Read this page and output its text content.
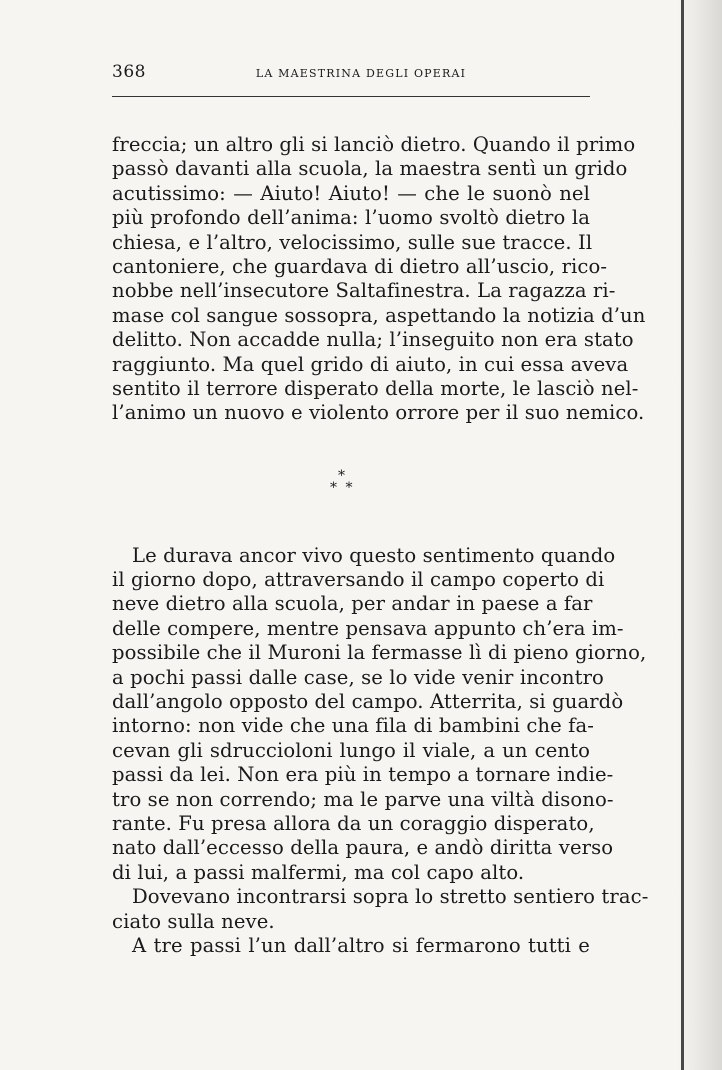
368	LA MAESTRINA DEGLI OPERAI
freccia; un altro gli si lanciò dietro. Quando il primo
passò davanti alla scuola, la maestra sentì un grido
acutissimo: — Aiuto! Aiuto! — che le suonò nel
più profondo dell’anima: l’uomo svoltò dietro la
chiesa, e l’altro, velocissimo, sulle sue tracce. Il
cantoniere, che guardava di dietro all’uscio, rico-
nobbe nell’insecutore Saltafinestra. La ragazza ri-
mase col sangue sossopra, aspettando la notizia d’un
delitto. Non accadde nulla; l’inseguito non era stato
raggiunto. Ma quel grido di aiuto, in cui essa aveva
sentito il terrore disperato della morte, le lasciò nel-
l’animo un nuovo e violento orrore per il suo nemico.
*
* *
Le durava ancor vivo questo sentimento quando
il giorno dopo, attraversando il campo coperto di
neve dietro alla scuola, per andar in paese a far
delle compere, mentre pensava appunto ch’era im-
possibile che il Muroni la fermasse lì di pieno giorno,
a pochi passi dalle case, se lo vide venir incontro
dall’angolo opposto del campo. Atterrita, si guardò
intorno: non vide che una fila di bambini che fa-
cevan gli sdruccioloni lungo il viale, a un cento
passi da lei. Non era più in tempo a tornare indie-
tro se non correndo; ma le parve una viltà disono-
rante. Fu presa allora da un coraggio disperato,
nato dall’eccesso della paura, e andò diritta verso
di lui, a passi malfermi, ma col capo alto.
Dovevano incontrarsi sopra lo stretto sentiero trac-
ciato sulla neve.
A tre passi l’un dall’altro si fermarono tutti e
